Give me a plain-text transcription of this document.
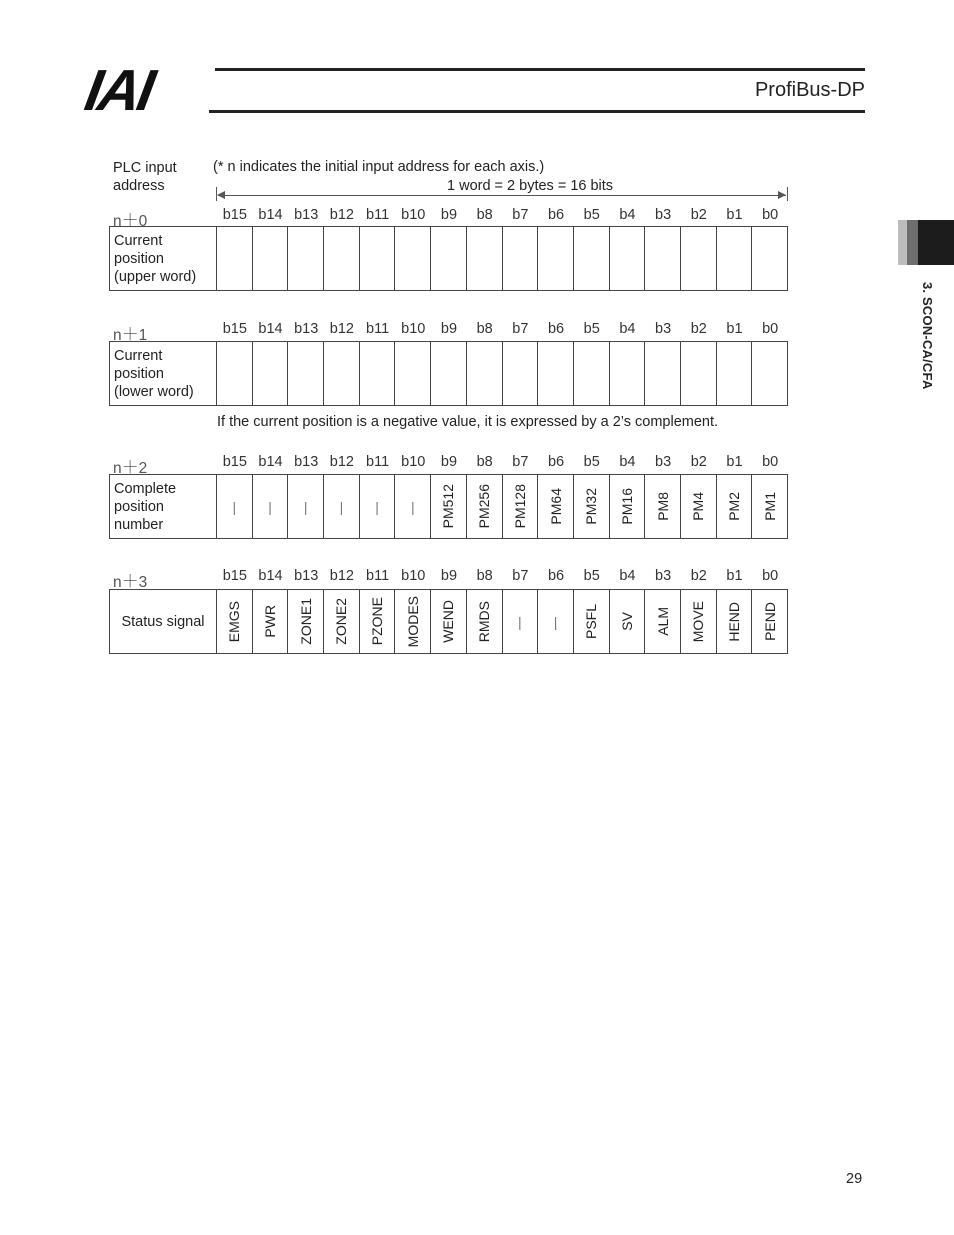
IAI	ProfiBus-DP
3. SCON-CA/CFA
PLC input
address
(* n indicates the initial input address for each axis.)
1 word = 2 bytes = 16 bits
n＋0	b15 b14 b13 b12 b11 b10	b9	b8	b7	b6	b5	b4	b3	b2	b1	b0
Current
position
(upper word)
n＋1	b15 b14 b13 b12 b11 b10	b9	b8	b7	b6	b5	b4	b3	b2	b1	b0
Current
position
(lower word)
n＋2	b15 b14 b13 b12 b11 b10	b9	b8	b7	b6	b5	b4	b3	b2	b1	b0
Complete
position
number
| | | | | | PM512 PM256 PM128 PM64 PM32 PM16 PM8 PM4 PM2 PM1
n＋3	b15 b14 b13 b12 b11 b10	b9	b8	b7	b6	b5	b4	b3	b2	b1	b0
Status signal	EMGS PWR ZONE1 ZONE2 PZONE MODES WEND RMDS | | PSFL SV ALM MOVE HEND PEND
If the current position is a negative value, it is expressed by a 2’s complement.
29
